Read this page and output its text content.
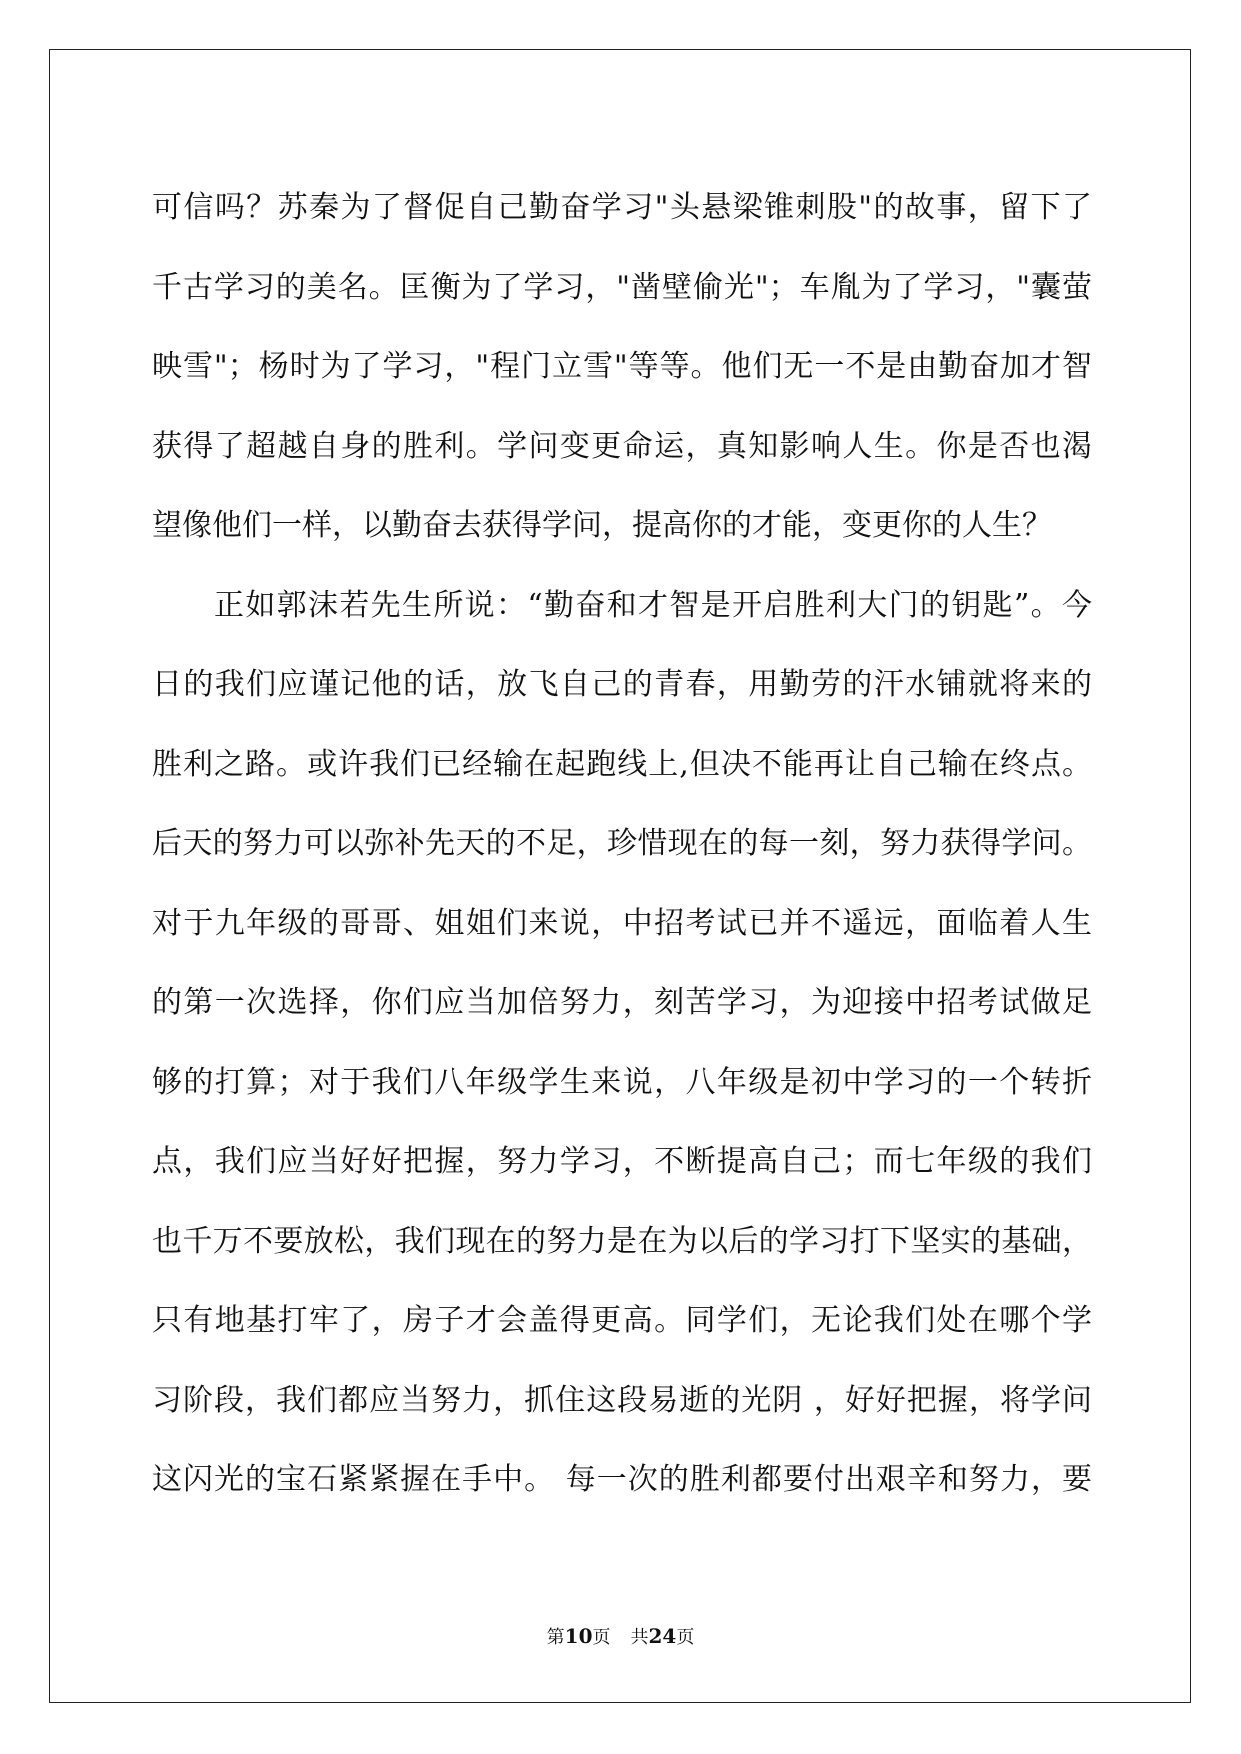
可信吗？苏秦为了督促自己勤奋学习"头悬梁锥刺股"的故事，留下了
千古学习的美名。匡衡为了学习，"凿壁偷光"；车胤为了学习，"囊萤
映雪"；杨时为了学习，"程门立雪"等等。他们无一不是由勤奋加才智
获得了超越自身的胜利。学问变更命运，真知影响人生。你是否也渴
望像他们一样，以勤奋去获得学问，提高你的才能，变更你的人生？
正如郭沫若先生所说：“勤奋和才智是开启胜利大门的钥匙”。今
日的我们应谨记他的话，放飞自己的青春，用勤劳的汗水铺就将来的
胜利之路。或许我们已经输在起跑线上,但决不能再让自己输在终点。
后天的努力可以弥补先天的不足，珍惜现在的每一刻，努力获得学问。
对于九年级的哥哥、姐姐们来说，中招考试已并不遥远，面临着人生
的第一次选择，你们应当加倍努力，刻苦学习，为迎接中招考试做足
够的打算；对于我们八年级学生来说，八年级是初中学习的一个转折
点，我们应当好好把握，努力学习，不断提高自己；而七年级的我们
也千万不要放松，我们现在的努力是在为以后的学习打下坚实的基础，
只有地基打牢了，房子才会盖得更高。同学们，无论我们处在哪个学
习阶段，我们都应当努力，抓住这段易逝的光阴 ，好好把握，将学问
这闪光的宝石紧紧握在手中。 每一次的胜利都要付出艰辛和努力，要
第10页 共24页
